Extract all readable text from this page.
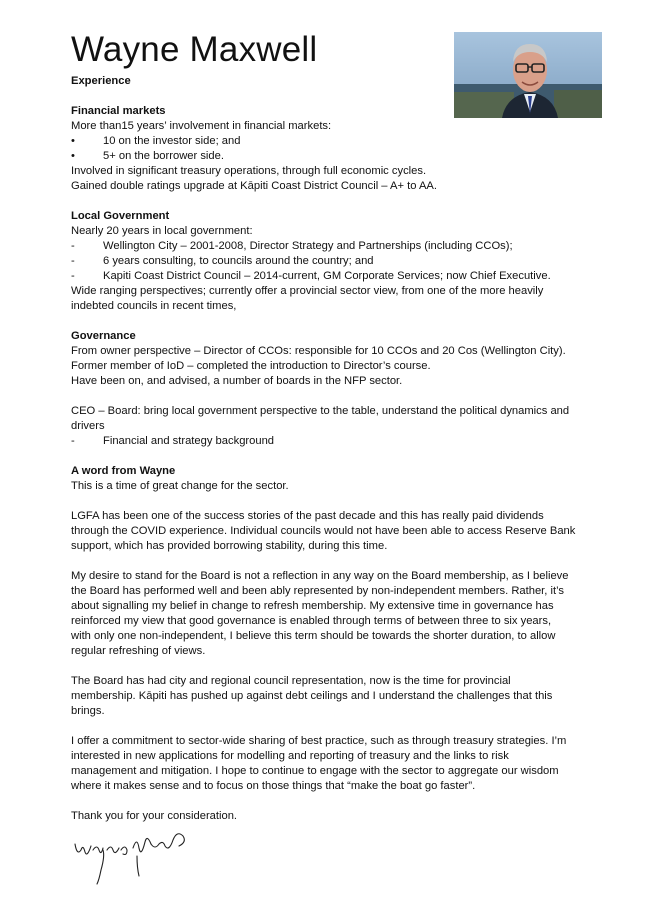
Wayne Maxwell
Experience
Financial markets
More than15 years’ involvement in financial markets:
•	10 on the investor side; and
•	5+ on the borrower side.
Involved in significant treasury operations, through full economic cycles.
Gained double ratings upgrade at Kāpiti Coast District Council – A+ to AA.
Local Government
Nearly 20 years in local government:
-	Wellington City – 2001-2008, Director Strategy and Partnerships (including CCOs);
-	6 years consulting, to councils around the country; and
-	Kapiti Coast District Council – 2014-current, GM Corporate Services; now Chief Executive.
Wide ranging perspectives; currently offer a provincial sector view, from one of the more heavily
indebted councils in recent times,
Governance
From owner perspective – Director of CCOs: responsible for 10 CCOs and 20 Cos (Wellington City).
Former member of IoD – completed the introduction to Director’s course.
Have been on, and advised, a number of boards in the NFP sector.
CEO – Board: bring local government perspective to the table, understand the political dynamics and
drivers
-	Financial and strategy background
A word from Wayne
This is a time of great change for the sector.
LGFA has been one of the success stories of the past decade and this has really paid dividends
through the COVID experience. Individual councils would not have been able to access Reserve Bank
support, which has provided borrowing stability, during this time.
My desire to stand for the Board is not a reflection in any way on the Board membership, as I believe
the Board has performed well and been ably represented by non-independent members. Rather, it’s
about signalling my belief in change to refresh membership. My extensive time in governance has
reinforced my view that good governance is enabled through terms of between three to six years,
with only one non-independent, I believe this term should be towards the shorter duration, to allow
regular refreshing of views.
The Board has had city and regional council representation, now is the time for provincial
membership. Kāpiti has pushed up against debt ceilings and I understand the challenges that this
brings.
I offer a commitment to sector-wide sharing of best practice, such as through treasury strategies. I’m
interested in new applications for modelling and reporting of treasury and the links to risk
management and mitigation. I hope to continue to engage with the sector to aggregate our wisdom
where it makes sense and to focus on those things that “make the boat go faster”.
Thank you for your consideration.
